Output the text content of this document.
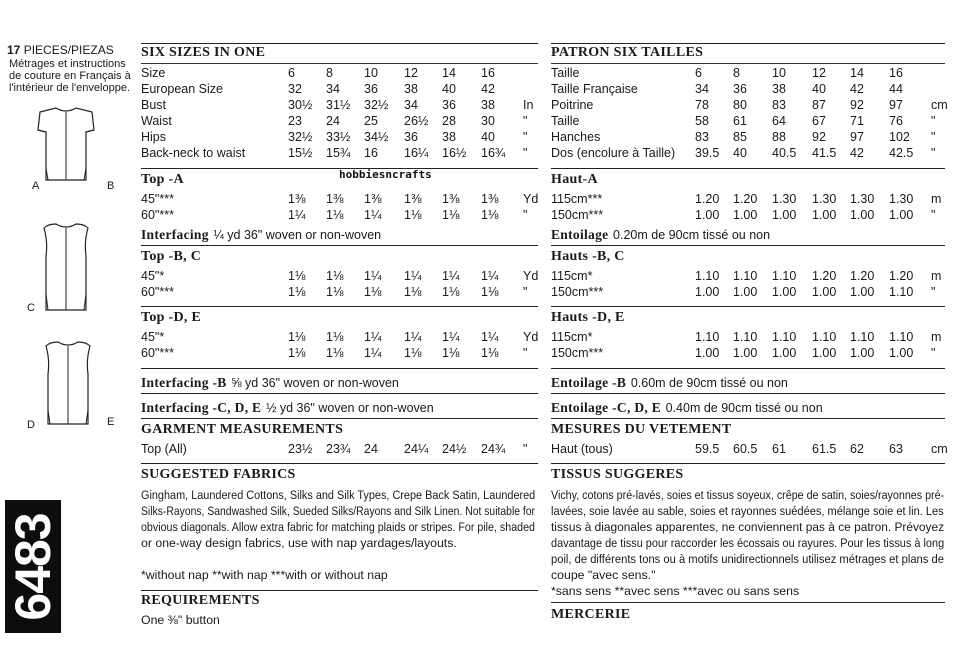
17 PIECES/PIEZAS
Métrages et instructions
de couture en Français à
l'intérieur de l'enveloppe.
A	B
C
D	E
6483
hobbiesncrafts
SIX SIZES IN ONE
Size	6 8 10 12 14 16
European Size	32 34 36 38 40 42
Bust	30½ 31½ 32½ 34 36 38 In
Waist	23 24 25 26½ 28 30 "
Hips	32½ 33½ 34½ 36 38 40 "
Back-neck to waist	15½ 15¾ 16 16¼ 16½ 16¾ "
Top -A
45"***	1⅜ 1⅜ 1⅜ 1⅜ 1⅜ 1⅜ Yd
60"***	1¼ 1⅛ 1¼ 1⅛ 1⅛ 1⅛ "
Interfacing ¼ yd 36" woven or non-woven
Top -B, C
45"*	1⅛ 1⅛ 1¼ 1¼ 1¼ 1¼ Yd
60"***	1⅛ 1⅛ 1⅛ 1⅛ 1⅛ 1⅛ "
Top -D, E
45"*	1⅛ 1⅛ 1¼ 1¼ 1¼ 1¼ Yd
60"***	1⅛ 1⅛ 1¼ 1⅛ 1⅛ 1⅛ "
Interfacing -B ⅝ yd 36" woven or non-woven
Interfacing -C, D, E ½ yd 36" woven or non-woven
GARMENT MEASUREMENTS
Top (All)	23½ 23¾ 24 24¼ 24½ 24¾ "
SUGGESTED FABRICS
Gingham, Laundered Cottons, Silks and Silk Types, Crepe Back Satin, Laundered
Silks-Rayons, Sandwashed Silk, Sueded Silks/Rayons and Silk Linen. Not suitable for
obvious diagonals. Allow extra fabric for matching plaids or stripes. For pile, shaded
or one-way design fabrics, use with nap yardages/layouts.
*without nap **with nap ***with or without nap
REQUIREMENTS
One ⅜" button
PATRON SIX TAILLES
Taille	6 8	10 12 14 16
Taille Française	34 36 38 40 42 44
Poitrine	78 80 83 87 92 97 cm
Taille	58 61 64 67 71 76 "
Hanches	83 85 88 92 97 102 "
Dos (encolure à Taille) 39.5 40 40.5 41.5 42 42.5 "
Haut-A
115cm***	1.20 1.20 1.30 1.30 1.30 1.30 m
150cm***	1.00 1.00 1.00 1.00 1.00 1.00 "
Entoilage 0.20m de 90cm tissé ou non
Hauts -B, C
115cm*	1.10 1.10 1.10 1.20 1.20 1.20 m
150cm***	1.00 1.00 1.00 1.00 1.00 1.10 "
Hauts -D, E
115cm*	1.10 1.10 1.10 1.10 1.10 1.10 m
150cm***	1.00 1.00 1.00 1.00 1.00 1.00 "
Entoilage -B 0.60m de 90cm tissé ou non
Entoilage -C, D, E 0.40m de 90cm tissé ou non
MESURES DU VETEMENT
Haut (tous)	59.5 60.5 61 61.5 62 63 cm
TISSUS SUGGERES
Vichy, cotons pré-lavés, soies et tissus soyeux, crêpe de satin, soies/rayonnes pré-
lavées, soie lavée au sable, soies et rayonnes suédées, mélange soie et lin. Les
tissus à diagonales apparentes, ne conviennent pas à ce patron. Prévoyez
davantage de tissu pour raccorder les écossais ou rayures. Pour les tissus à long
poil, de différents tons ou à motifs unidirectionnels utilisez métrages et plans de
coupe "avec sens."
*sans sens **avec sens ***avec ou sans sens
MERCERIE
